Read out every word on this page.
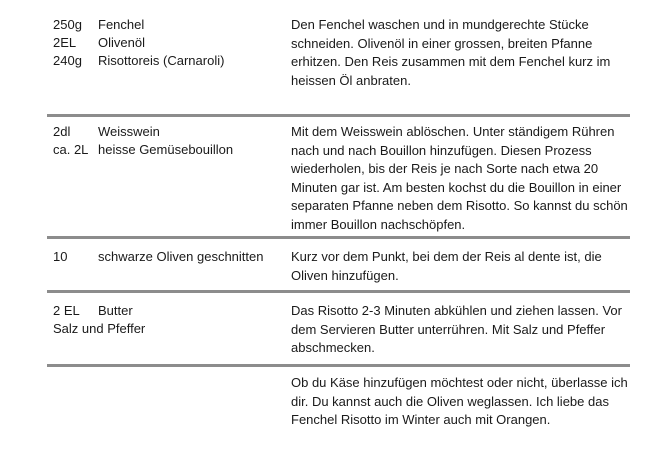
250g Fenchel
2EL Olivenöl
240g Risottoreis (Carnaroli)
Den Fenchel waschen und in mundgerechte Stücke schneiden. Olivenöl in einer grossen, breiten Pfanne erhitzen. Den Reis zusammen mit dem Fenchel kurz im heissen Öl anbraten.
2dl Weisswein
ca. 2L heisse Gemüsebouillon
Mit dem Weisswein ablöschen. Unter ständigem Rühren nach und nach Bouillon hinzufügen. Diesen Prozess wiederholen, bis der Reis je nach Sorte nach etwa 20 Minuten gar ist. Am besten kochst du die Bouillon in einer separaten Pfanne neben dem Risotto. So kannst du schön immer Bouillon nachschöpfen.
10 schwarze Oliven geschnitten Kurz vor dem Punkt, bei dem der Reis al dente ist, die Oliven hinzufügen.
2 EL Butter
Salz und Pfeffer
Das Risotto 2-3 Minuten abkühlen und ziehen lassen. Vor dem Servieren Butter unterrühren. Mit Salz und Pfeffer abschmecken.
Ob du Käse hinzufügen möchtest oder nicht, überlasse ich dir. Du kannst auch die Oliven weglassen. Ich liebe das Fenchel Risotto im Winter auch mit Orangen.
